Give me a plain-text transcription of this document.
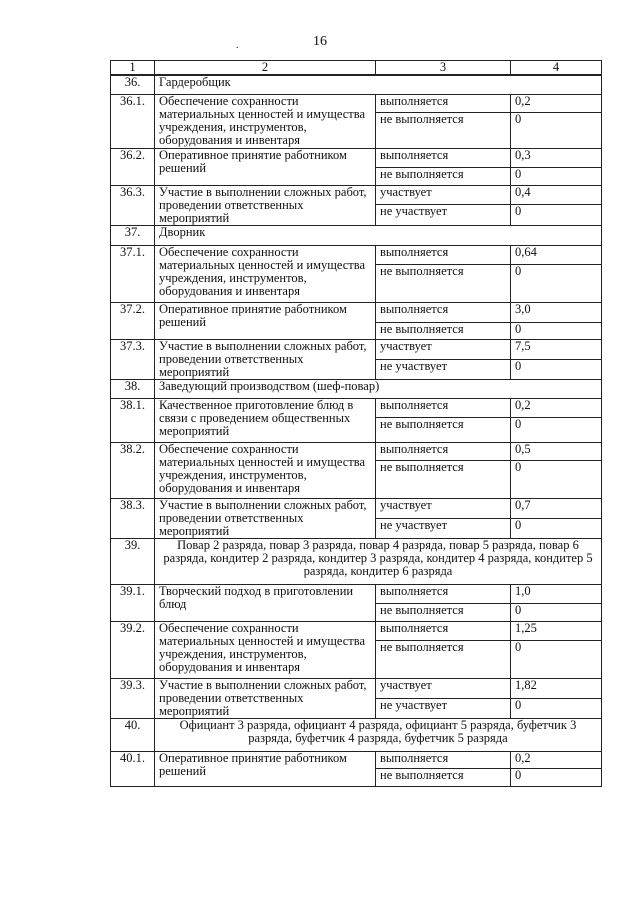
16
.
1	2	3	4
36.	Гардеробщик		
36.1.	Обеспечение сохранности материальных ценностей и имущества учреждения, инструментов, оборудования и инвентаря	выполняется	0,2
		не выполняется	0
36.2.	Оперативное принятие работником решений	выполняется	0,3
		не выполняется	0
36.3.	Участие в выполнении сложных работ, проведении ответственных мероприятий	участвует	0,4
		не участвует	0
37.	Дворник		
37.1.	Обеспечение сохранности материальных ценностей и имущества учреждения, инструментов, оборудования и инвентаря	выполняется	0,64
		не выполняется	0
37.2.	Оперативное принятие работником решений	выполняется	3,0
		не выполняется	0
37.3.	Участие в выполнении сложных работ, проведении ответственных мероприятий	участвует	7,5
		не участвует	0
38.	Заведующий производством (шеф-повар)		
38.1.	Качественное приготовление блюд в связи с проведением общественных мероприятий	выполняется	0,2
		не выполняется	0
38.2.	Обеспечение сохранности материальных ценностей и имущества учреждения, инструментов, оборудования и инвентаря	выполняется	0,5
		не выполняется	0
38.3.	Участие в выполнении сложных работ, проведении ответственных мероприятий	участвует	0,7
		не участвует	0
39.	Повар 2 разряда, повар 3 разряда, повар 4 разряда, повар 5 разряда, повар 6 разряда, кондитер 2 разряда, кондитер 3 разряда, кондитер 4 разряда, кондитер 5 разряда, кондитер 6 разряда		
39.1.	Творческий подход в приготовлении блюд	выполняется	1,0
		не выполняется	0
39.2.	Обеспечение сохранности материальных ценностей и имущества учреждения, инструментов, оборудования и инвентаря	выполняется	1,25
		не выполняется	0
39.3.	Участие в выполнении сложных работ, проведении ответственных мероприятий	участвует	1,82
		не участвует	0
40.	Официант 3 разряда, официант 4 разряда, официант 5 разряда, буфетчик 3 разряда, буфетчик 4 разряда, буфетчик 5 разряда		
40.1.	Оперативное принятие работником решений	выполняется	0,2
		не выполняется	0
